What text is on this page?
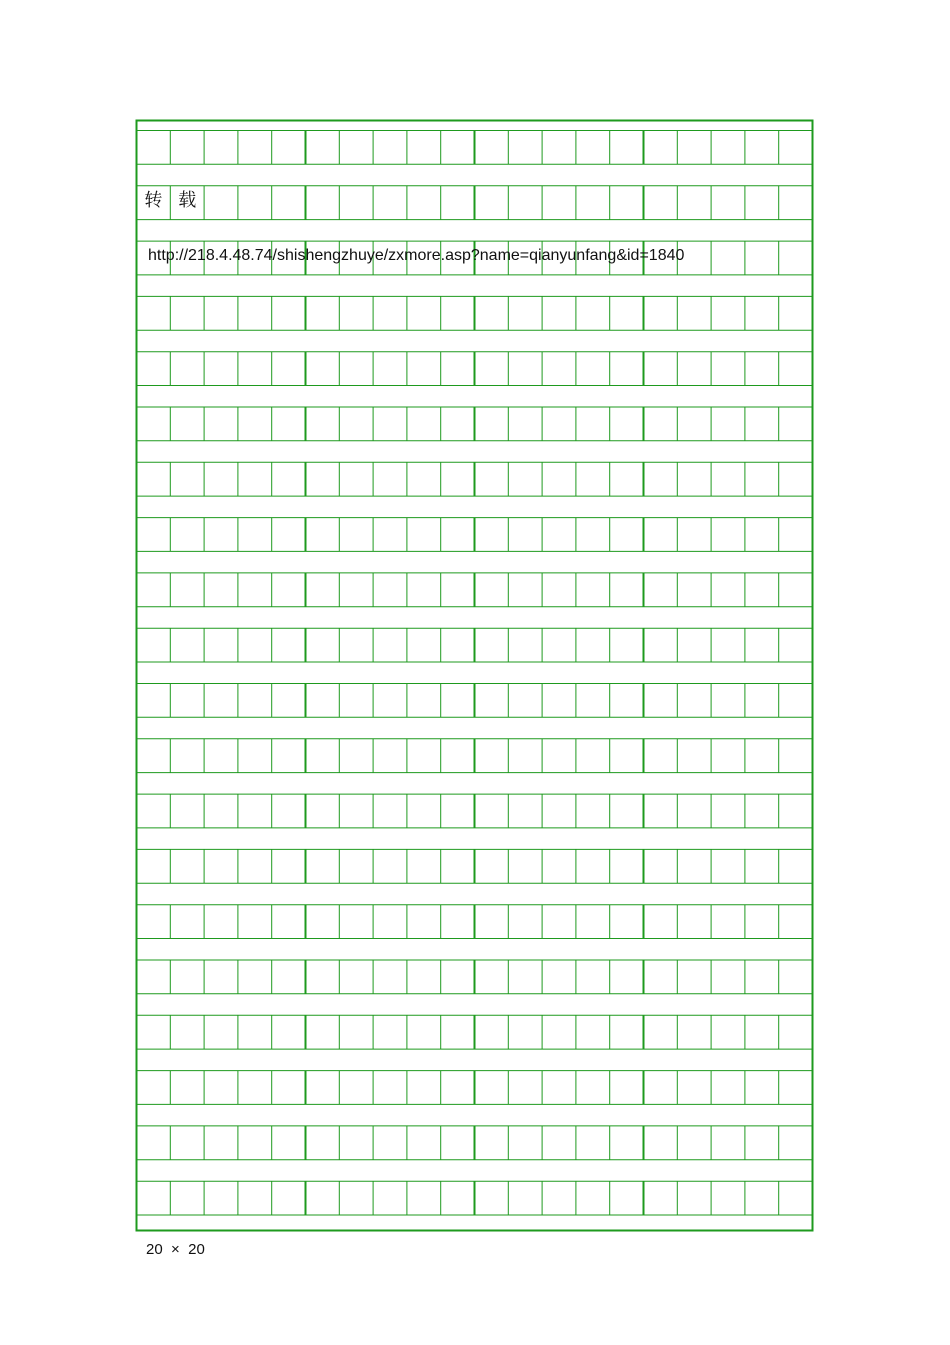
转 载
http://218.4.48.74/shishengzhuye/zxmore.asp?name=qianyunfang&id=1840
20  ×  20
